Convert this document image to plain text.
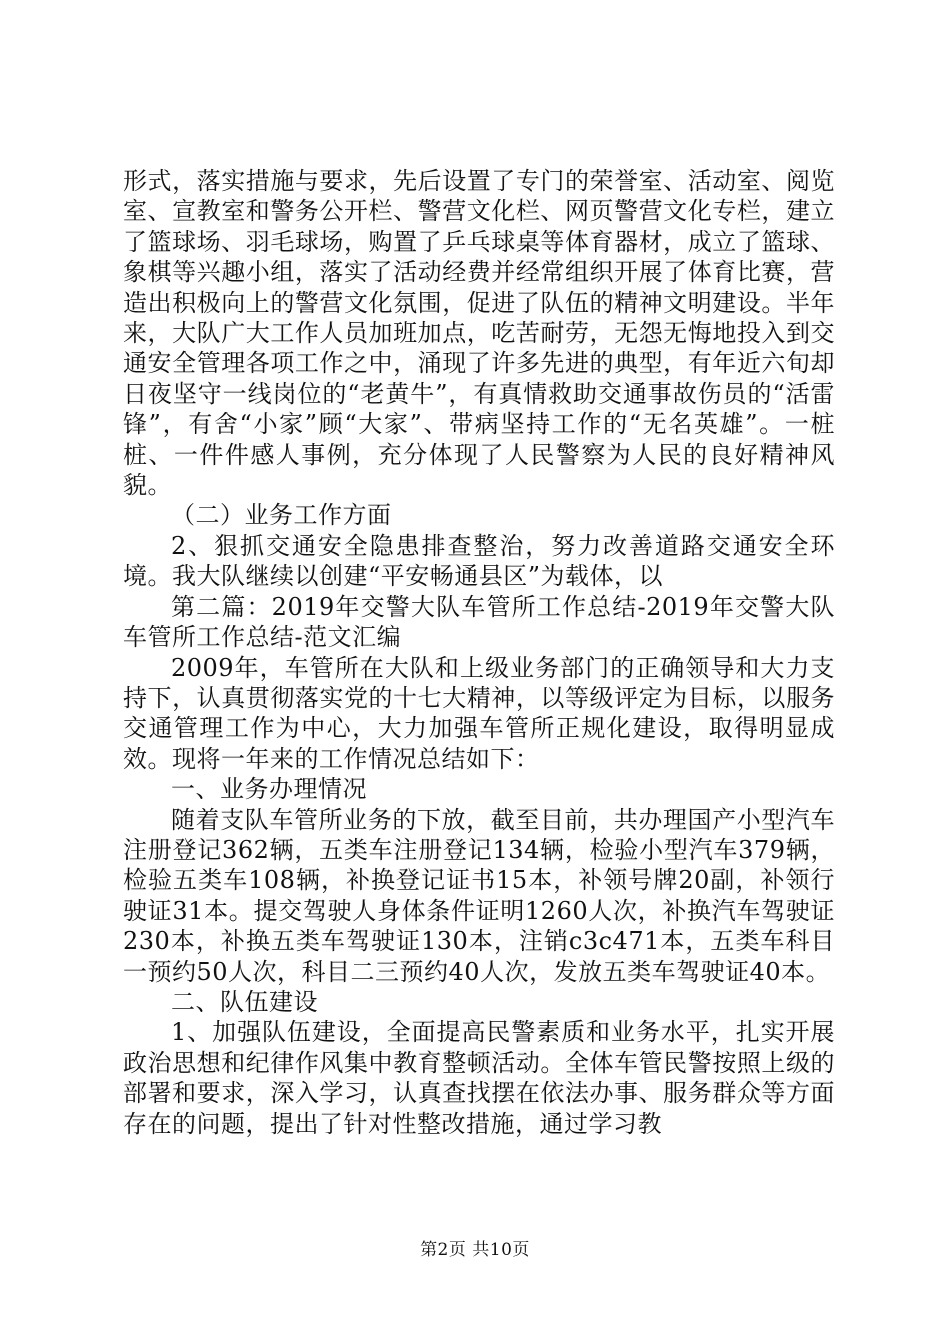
形式，落实措施与要求，先后设置了专门的荣誉室、活动室、阅览室、宣教室和警务公开栏、警营文化栏、网页警营文化专栏，建立了篮球场、羽毛球场，购置了乒乓球桌等体育器材，成立了篮球、象棋等兴趣小组，落实了活动经费并经常组织开展了体育比赛，营造出积极向上的警营文化氛围，促进了队伍的精神文明建设。半年来，大队广大工作人员加班加点，吃苦耐劳，无怨无悔地投入到交通安全管理各项工作之中，涌现了许多先进的典型，有年近六旬却日夜坚守一线岗位的“老黄牛”，有真情救助交通事故伤员的“活雷锋”，有舍“小家”顾“大家”、带病坚持工作的“无名英雄”。一桩桩、一件件感人事例，充分体现了人民警察为人民的良好精神风貌。

（二）业务工作方面

2、狠抓交通安全隐患排查整治，努力改善道路交通安全环境。我大队继续以创建“平安畅通县区”为载体，以

第二篇：2019年交警大队车管所工作总结-2019年交警大队车管所工作总结-范文汇编

2009年，车管所在大队和上级业务部门的正确领导和大力支持下，认真贯彻落实党的十七大精神，以等级评定为目标，以服务交通管理工作为中心，大力加强车管所正规化建设，取得明显成效。现将一年来的工作情况总结如下：

一、业务办理情况

随着支队车管所业务的下放，截至目前，共办理国产小型汽车注册登记362辆，五类车注册登记134辆，检验小型汽车379辆，检验五类车108辆，补换登记证书15本，补领号牌20副，补领行驶证31本。提交驾驶人身体条件证明1260人次，补换汽车驾驶证230本，补换五类车驾驶证130本，注销c3c471本，五类车科目一预约50人次，科目二三预约40人次，发放五类车驾驶证40本。

二、队伍建设

1、加强队伍建设，全面提高民警素质和业务水平，扎实开展政治思想和纪律作风集中教育整顿活动。全体车管民警按照上级的部署和要求，深入学习，认真查找摆在依法办事、服务群众等方面存在的问题，提出了针对性整改措施，通过学习教

第2页 共10页
